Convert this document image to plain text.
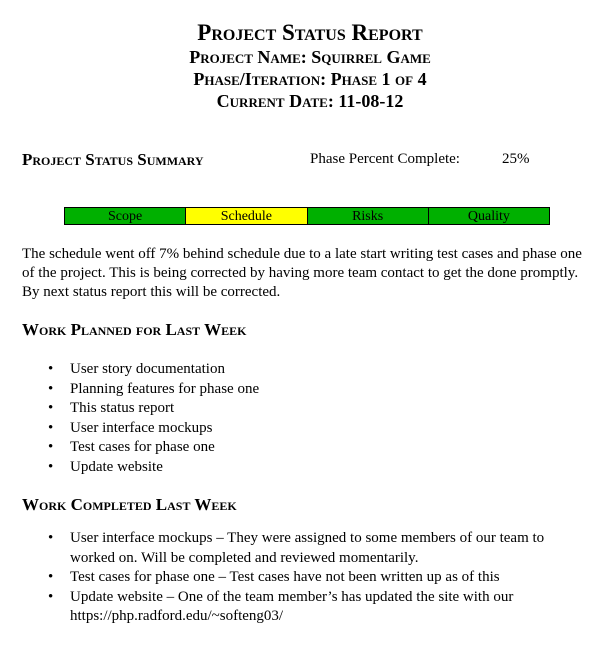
Project Status Report
Project Name: Squirrel Game
Phase/Iteration: Phase 1 of 4
Current Date: 11-08-12
Project Status Summary	Phase Percent Complete:	25%
Scope	Schedule	Risks	Quality
The schedule went off 7% behind schedule due to a late start writing test cases and phase one of the project. This is being corrected by having more team contact to get the done promptly. By next status report this will be corrected.
Work Planned for Last Week
• User story documentation
• Planning features for phase one
• This status report
• User interface mockups
• Test cases for phase one
• Update website
Work Completed Last Week
• User interface mockups – They were assigned to some members of our team to worked on. Will be completed and reviewed momentarily.
• Test cases for phase one – Test cases have not been written up as of this
• Update website – One of the team member’s has updated the site with our https://php.radford.edu/~softeng03/
